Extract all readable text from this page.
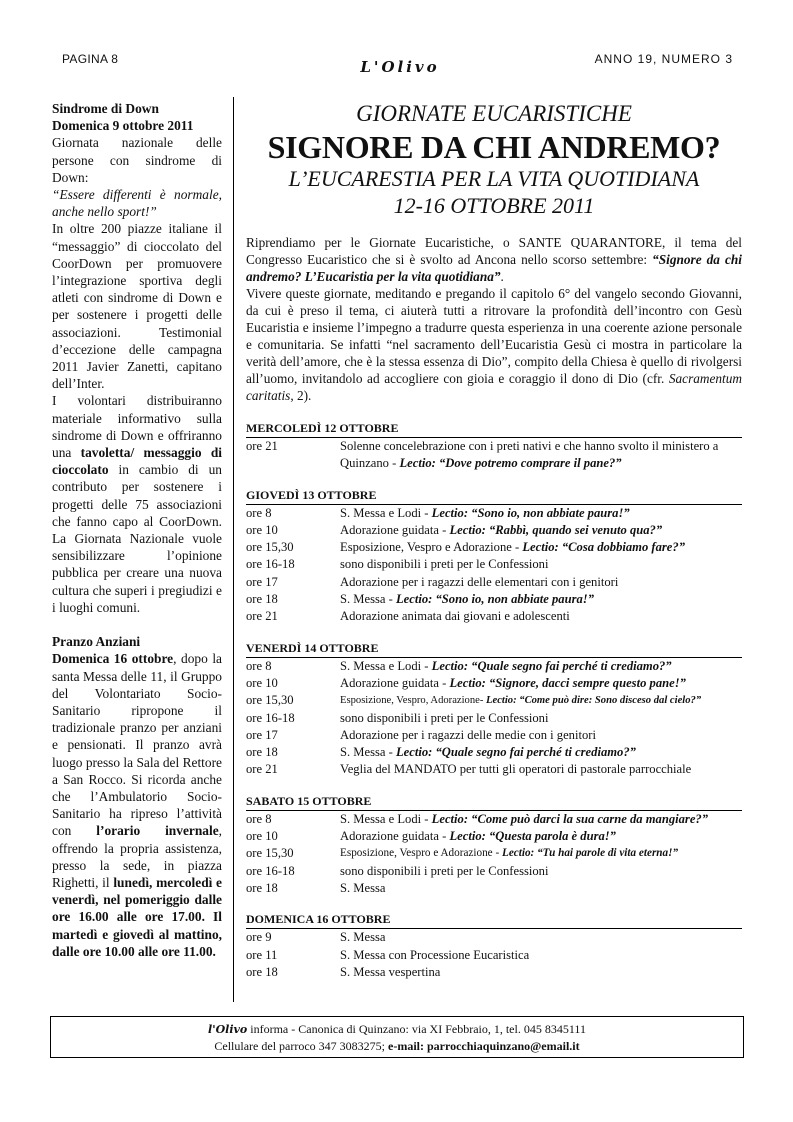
PAGINA 8	L'Olivo	ANNO 19, NUMERO 3

Sindrome di Down

Domenica 9 ottobre 2011

Giornata nazionale delle persone con sindrome di Down:

“Essere differenti è normale, anche nello sport!”

In oltre 200 piazze italiane il “messaggio” di cioccolato del CoorDown per promuovere l’integrazione sportiva degli atleti con sindrome di Down e per sostenere i progetti delle associazioni. Testimonial d’eccezione delle campagna 2011 Javier Zanetti, capitano dell’Inter.

I volontari distribuiranno materiale informativo sulla sindrome di Down e offriranno una tavoletta/ messaggio di cioccolato in cambio di un contributo per sostenere i progetti delle 75 associazioni che fanno capo al CoorDown. La Giornata Nazionale vuole sensibilizzare l’opinione pubblica per creare una nuova cultura che superi i pregiudizi e i luoghi comuni.

Pranzo Anziani

Domenica 16 ottobre, dopo la santa Messa delle 11, il Gruppo del Volontariato Socio-Sanitario ripropone il tradizionale pranzo per anziani e pensionati. Il pranzo avrà luogo presso la Sala del Rettore a San Rocco. Si ricorda anche che l’Ambulatorio Socio-Sanitario ha ripreso l’attività con l’orario invernale, offrendo la propria assistenza, presso la sede, in piazza Righetti, il lunedì, mercoledì e venerdì, nel pomeriggio dalle ore 16.00 alle ore 17.00. Il martedì e giovedì al mattino, dalle ore 10.00 alle ore 11.00.

GIORNATE EUCARISTICHE
SIGNORE DA CHI ANDREMO?
L’EUCARESTIA PER LA VITA QUOTIDIANA
12-16 OTTOBRE 2011

Riprendiamo per le Giornate Eucaristiche, o SANTE QUARANTORE, il tema del Congresso Eucaristico che si è svolto ad Ancona nello scorso settembre: “Signore da chi andremo? L’Eucaristia per la vita quotidiana”.

Vivere queste giornate, meditando e pregando il capitolo 6° del vangelo secondo Giovanni, da cui è preso il tema, ci aiuterà tutti a ritrovare la profondità dell’incontro con Gesù Eucaristia e insieme l’impegno a tradurre questa esperienza in una coerente azione personale e comunitaria. Se infatti “nel sacramento dell’Eucaristia Gesù ci mostra in particolare la verità dell’amore, che è la stessa essenza di Dio”, compito della Chiesa è quello di rivolgersi all’uomo, invitandolo ad accogliere con gioia e coraggio il dono di Dio (cfr. Sacramentum caritatis, 2).

MERCOLEDÌ 12 OTTOBRE
ore 21	Solenne concelebrazione con i preti nativi e che hanno svolto il ministero a Quinzano - Lectio: “Dove potremo comprare il pane?”
GIOVEDÌ 13 OTTOBRE
ore 8	S. Messa e Lodi - Lectio: “Sono io, non abbiate paura!”
ore 10	Adorazione guidata - Lectio: “Rabbì, quando sei venuto qua?”
ore 15,30	Esposizione, Vespro e Adorazione - Lectio: “Cosa dobbiamo fare?”
ore 16-18	sono disponibili i preti per le Confessioni
ore 17	Adorazione per i ragazzi delle elementari con i genitori
ore 18	S. Messa - Lectio: “Sono io, non abbiate paura!”
ore 21	Adorazione animata dai giovani e adolescenti
VENERDÌ 14 OTTOBRE
ore 8	S. Messa e Lodi - Lectio: “Quale segno fai perché ti crediamo?”
ore 10	Adorazione guidata - Lectio: “Signore, dacci sempre questo pane!”
ore 15,30	Esposizione, Vespro, Adorazione- Lectio: “Come può dire: Sono disceso dal cielo?”
ore 16-18	sono disponibili i preti per le Confessioni
ore 17	Adorazione per i ragazzi delle medie con i genitori
ore 18	S. Messa - Lectio: “Quale segno fai perché ti crediamo?”
ore 21	Veglia del MANDATO per tutti gli operatori di pastorale parrocchiale
SABATO 15 OTTOBRE
ore 8	S. Messa e Lodi - Lectio: “Come può darci la sua carne da mangiare?”
ore 10	Adorazione guidata - Lectio: “Questa parola è dura!”
ore 15,30	Esposizione, Vespro e Adorazione - Lectio: “Tu hai parole di vita eterna!”
ore 16-18	sono disponibili i preti per le Confessioni
ore 18	S. Messa
DOMENICA 16 OTTOBRE
ore 9	S. Messa
ore 11	S. Messa con Processione Eucaristica
ore 18	S. Messa vespertina
l'Olivo informa - Canonica di Quinzano: via XI Febbraio, 1, tel. 045 8345111
Cellulare del parroco 347 3083275; e-mail: parrocchiaquinzano@email.it
